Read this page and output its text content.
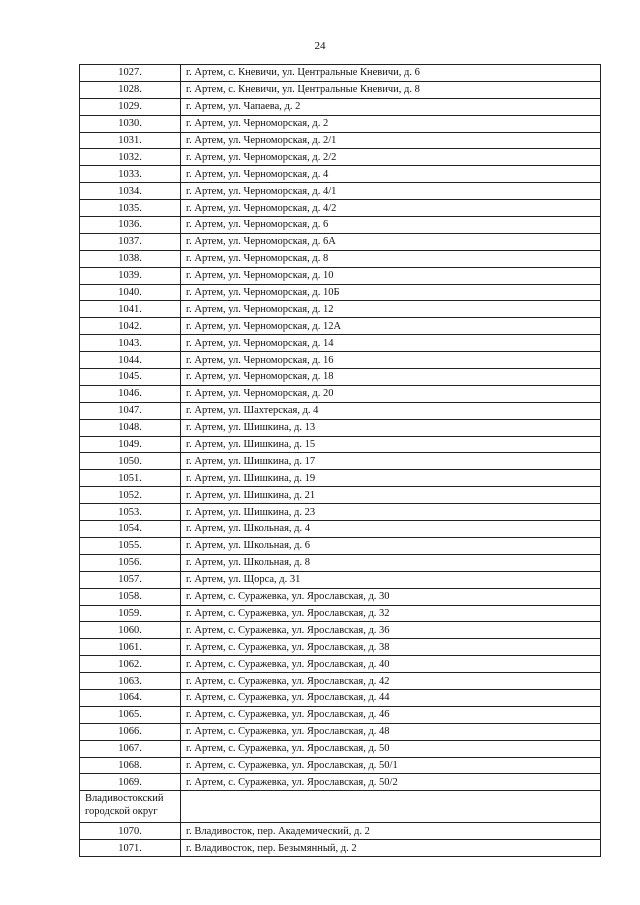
24
1027.	г. Артем, с. Кневичи, ул. Центральные Кневичи, д. 6
1028.	г. Артем, с. Кневичи, ул. Центральные Кневичи, д. 8
1029.	г. Артем, ул. Чапаева, д. 2
1030.	г. Артем, ул. Черноморская, д. 2
1031.	г. Артем, ул. Черноморская, д. 2/1
1032.	г. Артем, ул. Черноморская, д. 2/2
1033.	г. Артем, ул. Черноморская, д. 4
1034.	г. Артем, ул. Черноморская, д. 4/1
1035.	г. Артем, ул. Черноморская, д. 4/2
1036.	г. Артем, ул. Черноморская, д. 6
1037.	г. Артем, ул. Черноморская, д. 6А
1038.	г. Артем, ул. Черноморская, д. 8
1039.	г. Артем, ул. Черноморская, д. 10
1040.	г. Артем, ул. Черноморская, д. 10Б
1041.	г. Артем, ул. Черноморская, д. 12
1042.	г. Артем, ул. Черноморская, д. 12А
1043.	г. Артем, ул. Черноморская, д. 14
1044.	г. Артем, ул. Черноморская, д. 16
1045.	г. Артем, ул. Черноморская, д. 18
1046.	г. Артем, ул. Черноморская, д. 20
1047.	г. Артем, ул. Шахтерская, д. 4
1048.	г. Артем, ул. Шишкина, д. 13
1049.	г. Артем, ул. Шишкина, д. 15
1050.	г. Артем, ул. Шишкина, д. 17
1051.	г. Артем, ул. Шишкина, д. 19
1052.	г. Артем, ул. Шишкина, д. 21
1053.	г. Артем, ул. Шишкина, д. 23
1054.	г. Артем, ул. Школьная, д. 4
1055.	г. Артем, ул. Школьная, д. 6
1056.	г. Артем, ул. Школьная, д. 8
1057.	г. Артем, ул. Щорса, д. 31
1058.	г. Артем, с. Суражевка, ул. Ярославская, д. 30
1059.	г. Артем, с. Суражевка, ул. Ярославская, д. 32
1060.	г. Артем, с. Суражевка, ул. Ярославская, д. 36
1061.	г. Артем, с. Суражевка, ул. Ярославская, д. 38
1062.	г. Артем, с. Суражевка, ул. Ярославская, д. 40
1063.	г. Артем, с. Суражевка, ул. Ярославская, д. 42
1064.	г. Артем, с. Суражевка, ул. Ярославская, д. 44
1065.	г. Артем, с. Суражевка, ул. Ярославская, д. 46
1066.	г. Артем, с. Суражевка, ул. Ярославская, д. 48
1067.	г. Артем, с. Суражевка, ул. Ярославская, д. 50
1068.	г. Артем, с. Суражевка, ул. Ярославская, д. 50/1
1069.	г. Артем, с. Суражевка, ул. Ярославская, д. 50/2
Владивостокский городской округ	
1070.	г. Владивосток, пер. Академический, д. 2
1071.	г. Владивосток, пер. Безымянный, д. 2
